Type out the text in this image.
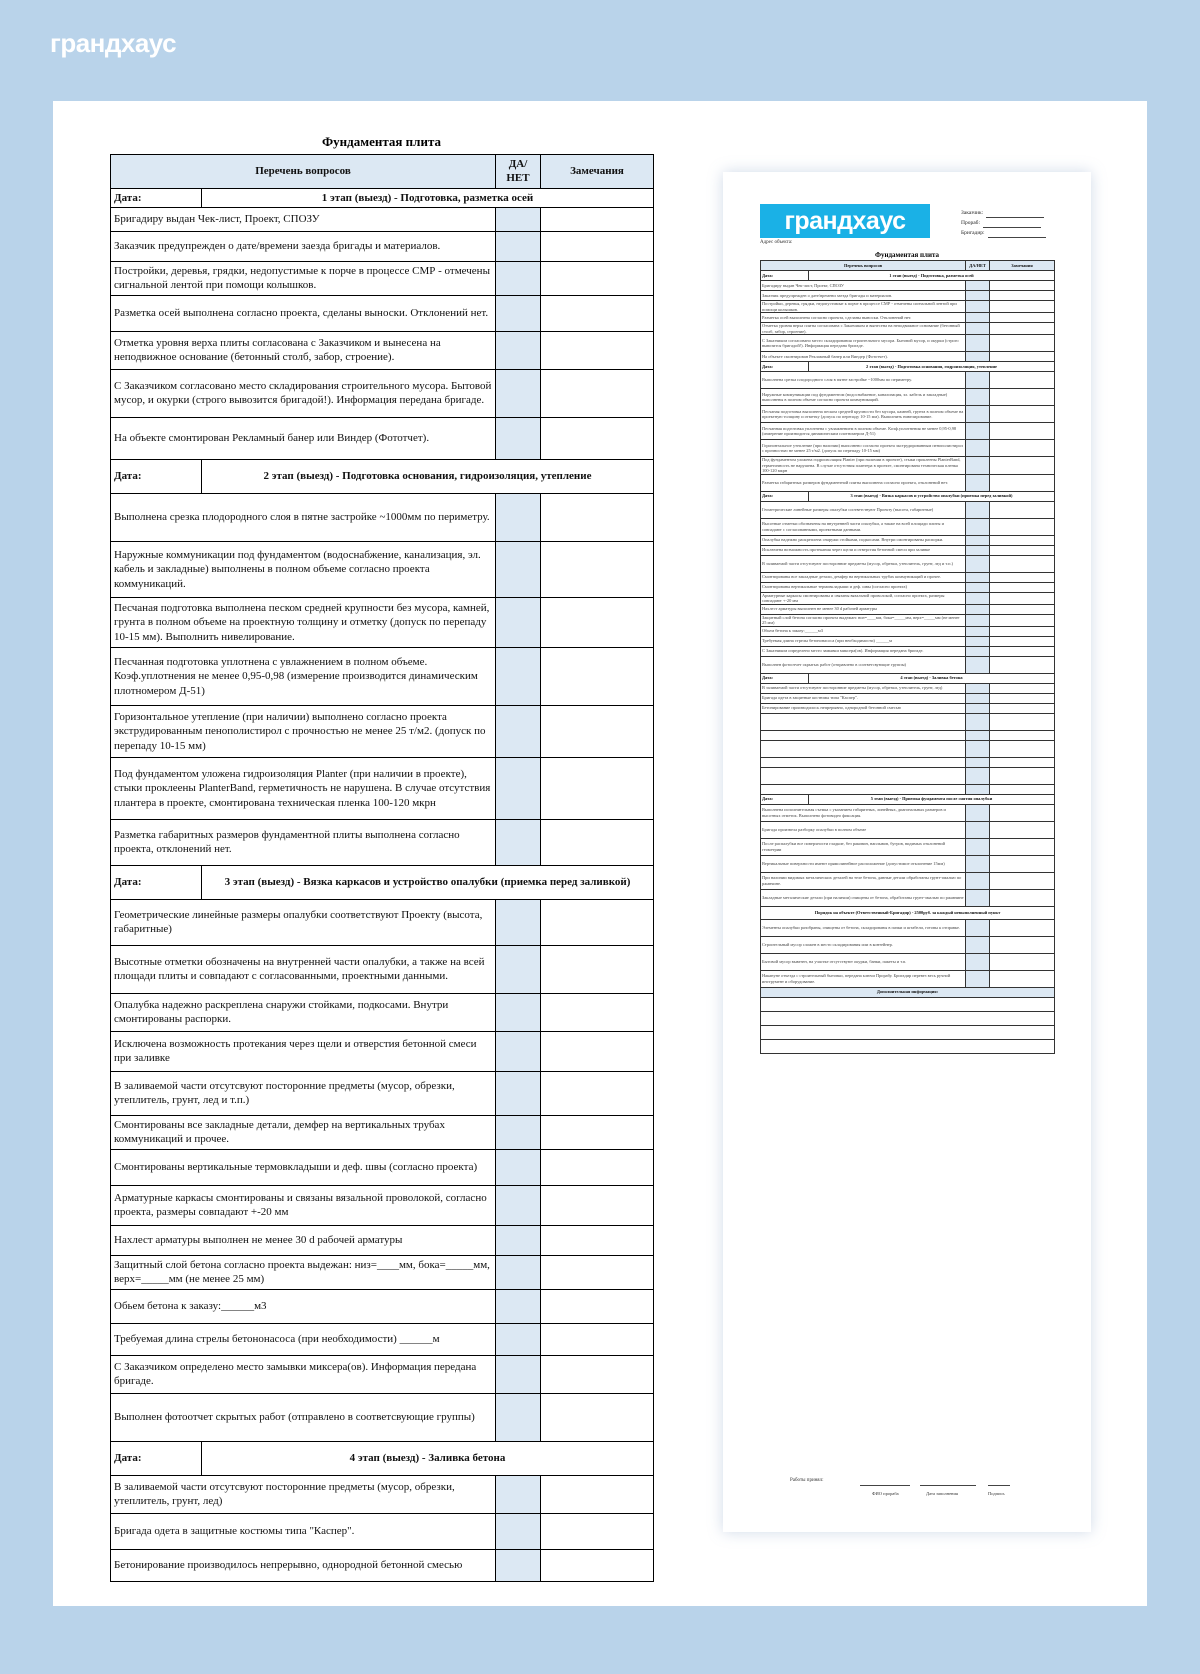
грандхаус
Фундаментая плита
Перечень вопросов		ДА/НЕТ	Замечания
Дата:	1 этап (выезд) - Подготовка, разметка осей		
Бригадиру выдан Чек-лист, Проект, СПОЗУ			
Заказчик предупрежден о дате/времени заезда бригады и материалов.			
Постройки, деревья, грядки, недопустимые к порче в процессе СМР - отмечены сигнальной лентой при помощи колышков.			
Разметка осей выполнена согласно проекта, сделаны выноски. Отклонений нет.			
Отметка уровня верха плиты согласована с Заказчиком и вынесена на неподвижное основание (бетонный столб, забор, строение).			
С Заказчиком согласовано место складирования строительного мусора. Бытовой мусор, и окурки (строго вывозится бригадой!). Информация передана бригаде.			
На объекте смонтирован Рекламный банер или Виндер (Фототчет).			
Дата:	2 этап (выезд) - Подготовка основания, гидроизоляция, утепление		
Выполнена срезка плодородного слоя в пятне застройке ~1000мм по периметру.			
Наружные коммуникации под фундаментом (водоснабжение, канализация, эл. кабель и закладные) выполнены в полном объеме согласно проекта коммуникаций.			
Песчаная подготовка выполнена песком средней крупности без мусора, камней, грунта в полном объеме на проектную толщину и отметку (допуск по перепаду 10-15 мм). Выполнить нивелирование.			
Песчанная подготовка уплотнена с увлажнением в полном объеме. Коэф.уплотнения не менее 0,95-0,98 (измерение производится динамическим плотномером Д-51)			
Горизонтальное утепление (при наличии) выполнено согласно проекта экструдированным пенополистирол с прочностью не менее 25 т/м2. (допуск по перепаду 10-15 мм)			
Под фундаментом уложена гидроизоляция Planter (при наличии в проекте), стыки проклеены PlanterBand, герметичность не нарушена. В случае отсутствия плантера в проекте, смонтирована техническая пленка 100-120 мкрн			
Разметка габаритных размеров фундаментной плиты выполнена согласно проекта, отклонений нет.			
Дата:	3 этап (выезд) - Вязка каркасов и устройство опалубки (приемка перед заливкой)		
Геометрические линейные размеры опалубки соответствуют Проекту (высота, габаритные)			
Высотные отметки обозначены на внутренней части опалубки, а также на всей площади плиты и совпадают с согласованными, проектными данными.			
Опалубка надежно раскреплена снаружи стойками, подкосами. Внутри смонтированы распорки.			
Исключена возможность протекания через щели и отверстия бетонной смеси при заливке			
В заливаемой части отсутсвуют посторонние предметы (мусор, обрезки, утеплитель, грунт, лед и т.п.)			
Смонтированы все закладные детали, демфер на вертикальных трубах коммуникаций и прочее.			
Смонтированы вертикальные термовкладыши и деф. швы (согласно проекта)			
Арматурные каркасы смонтированы и связаны вязальной проволокой, согласно проекта, размеры совпадают +-20 мм			
Нахлест арматуры выполнен не менее 30 d рабочей арматуры			
Защитный слой бетона согласно проекта выдежан: низ=____мм, бока=_____мм, верх=_____мм (не менее 25 мм)			
Обьем бетона к заказу:______м3			
Требуемая длина стрелы бетононасоса (при необходимости) ______м			
С Заказчиком определено место замывки миксера(ов). Информация передана бригаде.			
Выполнен фотоотчет скрытых работ (отправлено в соответсвующие группы)			
Дата:	4 этап (выезд) - Заливка бетона		
В заливаемой части отсутсвуют посторонние предметы (мусор, обрезки, утеплитель, грунт, лед)			
Бригада одета в защитные костюмы типа "Каспер".			
Бетонирование производилось непрерывно, однородной бетонной смесью			
грандхаус	Заказчик:
Прораб:
Бригадир:
Адрес объекта:
Фундаментая плита
Перечень вопросов		ДА/НЕТ	Замечания
Дата:	1 этап (выезд) - Подготовка, разметка осей		
Бригадиру выдан Чек-лист, Проект, СПОЗУ			
Заказчик предупрежден о дате/времени заезда бригады и материалов.			
Постройки, деревья, грядки, недопустимые к порче в процессе СМР - отмечены сигнальной лентой при помощи колышков.			
Разметка осей выполнена согласно проекта, сделаны выноски. Отклонений нет.			
Отметка уровня верха плиты согласована с Заказчиком и вынесена на неподвижное основание (бетонный столб, забор, строение).			
С Заказчиком согласовано место складирования строительного мусора. Бытовой мусор, и окурки (строго вывозится бригадой!). Информация передана бригаде.			
На объекте смонтирован Рекламный банер или Виндер (Фототчет).			
Дата:	2 этап (выезд) - Подготовка основания, гидроизоляция, утепление		
Выполнена срезка плодородного слоя в пятне застройке ~1000мм по периметру.			
Наружные коммуникации под фундаментом (водоснабжение, канализация, эл. кабель и закладные) выполнены в полном объеме согласно проекта коммуникаций.			
Песчаная подготовка выполнена песком средней крупности без мусора, камней, грунта в полном объеме на проектную толщину и отметку (допуск по перепаду 10-15 мм). Выполнить нивелирование.			
Песчанная подготовка уплотнена с увлажнением в полном объеме. Коэф.уплотнения не менее 0,95-0,98 (измерение производится динамическим плотномером Д-51)			
Горизонтальное утепление (при наличии) выполнено согласно проекта экструдированным пенополистирол с прочностью не менее 25 т/м2. (допуск по перепаду 10-15 мм)			
Под фундаментом уложена гидроизоляция Planter (при наличии в проекте), стыки проклеены PlanterBand, герметичность не нарушена. В случае отсутствия плантера в проекте, смонтирована техническая пленка 100-120 мкрн			
Разметка габаритных размеров фундаментной плиты выполнена согласно проекта, отклонений нет.			
Дата:	3 этап (выезд) - Вязка каркасов и устройство опалубки (приемка перед заливкой)		
Геометрические линейные размеры опалубки соответствуют Проекту (высота, габаритные)			
Высотные отметки обозначены на внутренней части опалубки, а также на всей площади плиты и совпадают с согласованными, проектными данными.			
Опалубка надежно раскреплена снаружи стойками, подкосами. Внутри смонтированы распорки.			
Исключена возможность протекания через щели и отверстия бетонной смеси при заливке			
В заливаемой части отсутсвуют посторонние предметы (мусор, обрезки, утеплитель, грунт, лед и т.п.)			
Смонтированы все закладные детали, демфер на вертикальных трубах коммуникаций и прочее.			
Смонтированы вертикальные термовкладыши и деф. швы (согласно проекта)			
Арматурные каркасы смонтированы и связаны вязальной проволокой, согласно проекта, размеры совпадают +-20 мм			
Нахлест арматуры выполнен не менее 30 d рабочей арматуры			
Защитный слой бетона согласно проекта выдежан: низ=____мм, бока=_____мм, верх=_____мм (не менее 25 мм)			
Обьем бетона к заказу:______м3			
Требуемая длина стрелы бетононасоса (при необходимости) ______м			
С Заказчиком определено место замывки миксера(ов). Информация передана бригаде.			
Выполнен фотоотчет скрытых работ (отправлено в соответсвующие группы)			
Дата:	4 этап (выезд) - Заливка бетона		
В заливаемой части отсутсвуют посторонние предметы (мусор, обрезки, утеплитель, грунт, лед)			
Бригада одета в защитные костюмы типа "Каспер".			
Бетонирование производилось непрерывно, однородной бетонной смесью			

Дата:	5 этап (выезд) - Приемка фундамента после снятия опалубки		
Выполнена исполнительная съемка с указанием габаритных, линейных, диагональных размеров и высотных отметок. Выполнено фотовидео фиксация.			
Бригада произвела разборку опалубки в полном объеме			
После распалубки все поверхности гладкие, без раковин, наплывов, бугров, видимых отклонений геометрии			
Вертикальные поверхности имеют прямолинейное расположение (допустимое отклонение 15мм)			
При наличии видимых металических деталей на теле бетона, данные детали обработаны грунт-эмалью по ржавчине.			
Закладные металические детали (при наличии) очищены от бетона, обработаны грунт-эмалью по ржавчине			
Порядок на объекте (Ответственный-Бригадир) - 2500руб. за каждый невыполненный пункт			
Элементы опалубки разобраны, очищены от бетона, складированы в пачки и штабели, готовы к отправке.			
Строительный мусор сложен в место складирования или в контейнер.			
Бытовой мусор вывезен, на участке отсутствуют окурки, банки, пакеты и т.п.			
Накануне отъезда с строительный бытовки, передана ключи Прорабу. Бригадир перевез весь ручной инструмент и оборудование.			
Дополнительная информация:			

Работы принял:
ФИО прораба	Дата заполнения	Подпись
